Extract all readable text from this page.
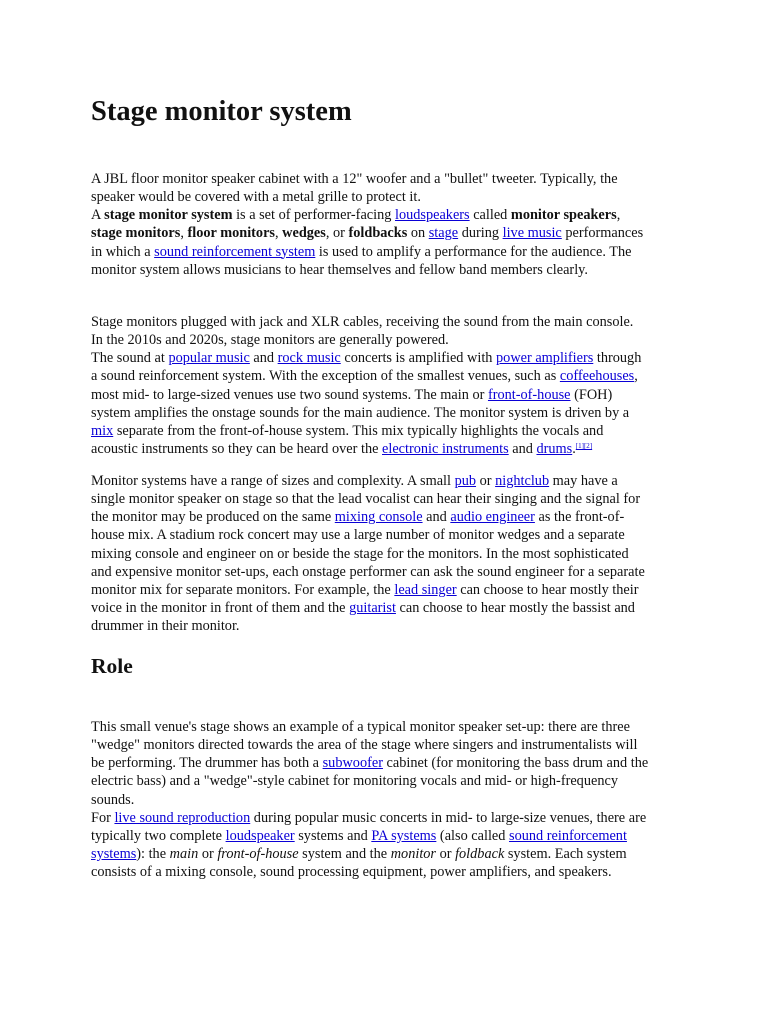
Stage monitor system
A JBL floor monitor speaker cabinet with a 12" woofer and a "bullet" tweeter. Typically, the
speaker would be covered with a metal grille to protect it.
A stage monitor system is a set of performer-facing loudspeakers called monitor speakers,
stage monitors, floor monitors, wedges, or foldbacks on stage during live music performances
in which a sound reinforcement system is used to amplify a performance for the audience. The
monitor system allows musicians to hear themselves and fellow band members clearly.
Stage monitors plugged with jack and XLR cables, receiving the sound from the main console.
In the 2010s and 2020s, stage monitors are generally powered.
The sound at popular music and rock music concerts is amplified with power amplifiers through
a sound reinforcement system. With the exception of the smallest venues, such as coffeehouses,
most mid- to large-sized venues use two sound systems. The main or front-of-house (FOH)
system amplifies the onstage sounds for the main audience. The monitor system is driven by a
mix separate from the front-of-house system. This mix typically highlights the vocals and
acoustic instruments so they can be heard over the electronic instruments and drums.[1][2]
Monitor systems have a range of sizes and complexity. A small pub or nightclub may have a
single monitor speaker on stage so that the lead vocalist can hear their singing and the signal for
the monitor may be produced on the same mixing console and audio engineer as the front-of-
house mix. A stadium rock concert may use a large number of monitor wedges and a separate
mixing console and engineer on or beside the stage for the monitors. In the most sophisticated
and expensive monitor set-ups, each onstage performer can ask the sound engineer for a separate
monitor mix for separate monitors. For example, the lead singer can choose to hear mostly their
voice in the monitor in front of them and the guitarist can choose to hear mostly the bassist and
drummer in their monitor.
Role
This small venue's stage shows an example of a typical monitor speaker set-up: there are three
"wedge" monitors directed towards the area of the stage where singers and instrumentalists will
be performing. The drummer has both a subwoofer cabinet (for monitoring the bass drum and the
electric bass) and a "wedge"-style cabinet for monitoring vocals and mid- or high-frequency
sounds.
For live sound reproduction during popular music concerts in mid- to large-size venues, there are
typically two complete loudspeaker systems and PA systems (also called sound reinforcement
systems): the main or front-of-house system and the monitor or foldback system. Each system
consists of a mixing console, sound processing equipment, power amplifiers, and speakers.
